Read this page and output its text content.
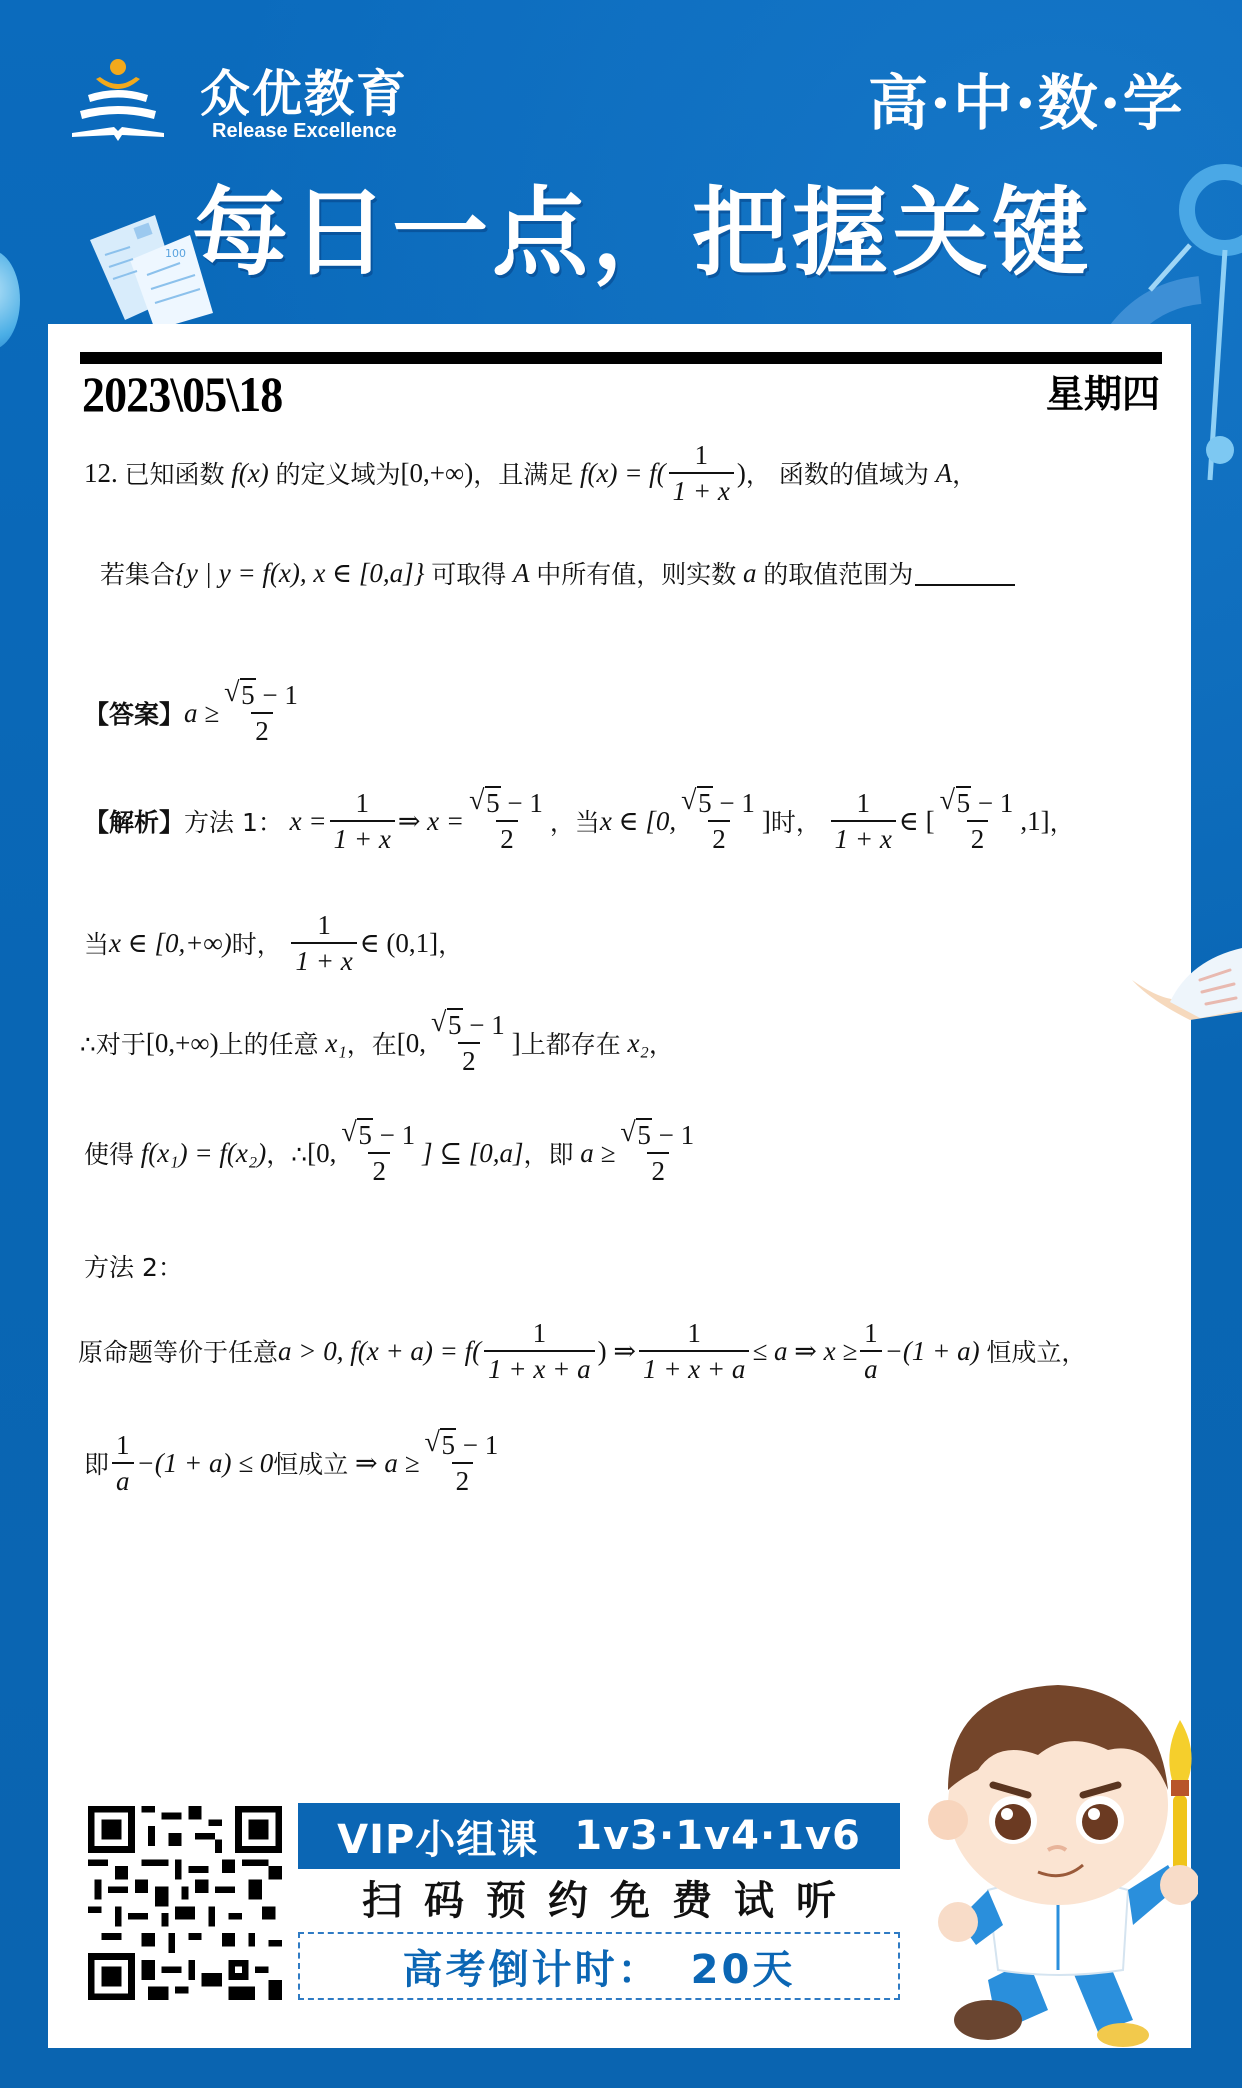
众优教育
Release Excellence	高·中·数·学
100 每日一点，把握关键
2023\05\18	星期四
12.
已知函数
f(x)
的定义域为 [0,+∞) ，且满足
$f(x) = f( \frac{1}{1 + x}$ ) ， 函数的值域为
A ，
若集合 {y | y = f(x), x ∈ [0,a]}
可取得
A
中所有值，则实数
a
的取值范围为
【答案】 a ≥ √ $\frac{5 - 1}{2}$
【解析】 方法 1：
$x = \frac{1}{1 + x}$ ⇒ x = √ $\frac{5 - 1}{2}$ ，当 x ∈ [0, √ $\frac{5 - 1}{2}$ ] 时，
$\frac{1}{1 + x}$ ∈ [ √ $\frac{5 - 1}{2} ,1$] ，
当 x ∈ [0,+∞) 时，
$\frac{1}{1 + x}$ ∈ (0,1] ，
∴对于 [0,+∞) 上的任意
x₁ ，在 [0, √ $\frac{5 - 1}{2}$ ] 上都存在
x₂ ，
使得
f(x₁) = f(x₂) ，∴ [0, √ $\frac{5 - 1}{2}$ ] ⊆ [0,a] ，即
a ≥ √ $\frac{5 - 1}{2}$
方法 2：
原命题等价于任意 a > 0, $f(x + a) = f( \frac{1}{1 + x + a}$ ) ⇒ $\frac{1}{1 + x + a} \le a$ ⇒ $x \ge \frac{1}{a} -(1 + a)$
恒成立，
即 $\frac{1}{a} -(1 + a) \le 0$ 恒成立
⇒ a ≥ √ $\frac{5 - 1}{2}$
VIP小组课 1v3·1v4·1v6
扫码预约免费试听
高考倒计时： 20天
